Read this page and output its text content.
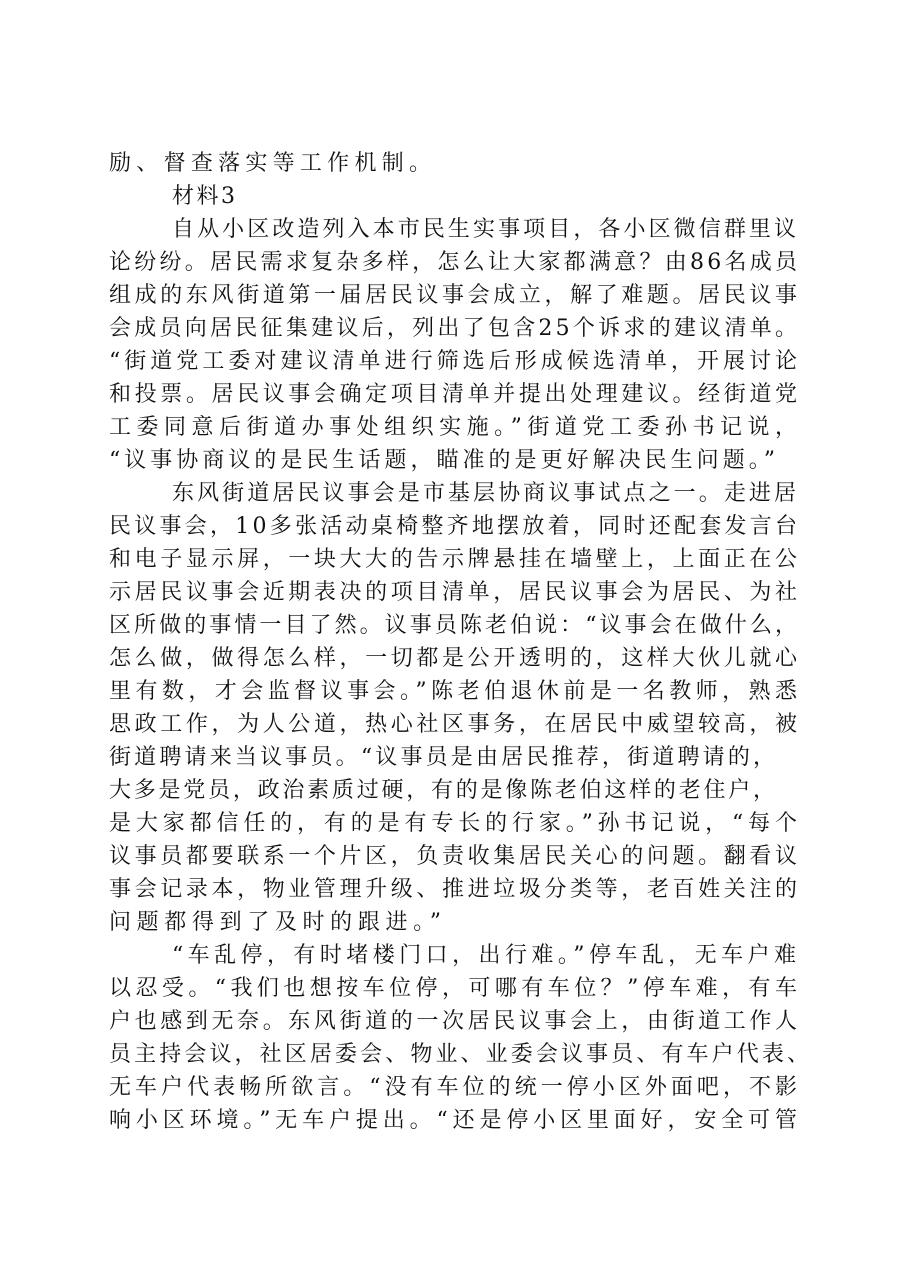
励、督查落实等工作机制。
材料3
自从小区改造列入本市民生实事项目，各小区微信群里议
论纷纷。居民需求复杂多样，怎么让大家都满意？由86名成员
组成的东风街道第一届居民议事会成立，解了难题。居民议事
会成员向居民征集建议后，列出了包含25个诉求的建议清单。
“街道党工委对建议清单进行筛选后形成候选清单，开展讨论
和投票。居民议事会确定项目清单并提出处理建议。经街道党
工委同意后街道办事处组织实施。”街道党工委孙书记说，
“议事协商议的是民生话题，瞄准的是更好解决民生问题。”
东风街道居民议事会是市基层协商议事试点之一。走进居
民议事会，10多张活动桌椅整齐地摆放着，同时还配套发言台
和电子显示屏，一块大大的告示牌悬挂在墙壁上，上面正在公
示居民议事会近期表决的项目清单，居民议事会为居民、为社
区所做的事情一目了然。议事员陈老伯说：“议事会在做什么，
怎么做，做得怎么样，一切都是公开透明的，这样大伙儿就心
里有数，才会监督议事会。”陈老伯退休前是一名教师，熟悉
思政工作，为人公道，热心社区事务，在居民中威望较高，被
街道聘请来当议事员。“议事员是由居民推荐，街道聘请的，
大多是党员，政治素质过硬，有的是像陈老伯这样的老住户，
是大家都信任的，有的是有专长的行家。”孙书记说，“每个
议事员都要联系一个片区，负责收集居民关心的问题。翻看议
事会记录本，物业管理升级、推进垃圾分类等，老百姓关注的
问题都得到了及时的跟进。”
“车乱停，有时堵楼门口，出行难。”停车乱，无车户难
以忍受。“我们也想按车位停，可哪有车位？”停车难，有车
户也感到无奈。东风街道的一次居民议事会上，由街道工作人
员主持会议，社区居委会、物业、业委会议事员、有车户代表、
无车户代表畅所欲言。“没有车位的统一停小区外面吧，不影
响小区环境。”无车户提出。“还是停小区里面好，安全可管
